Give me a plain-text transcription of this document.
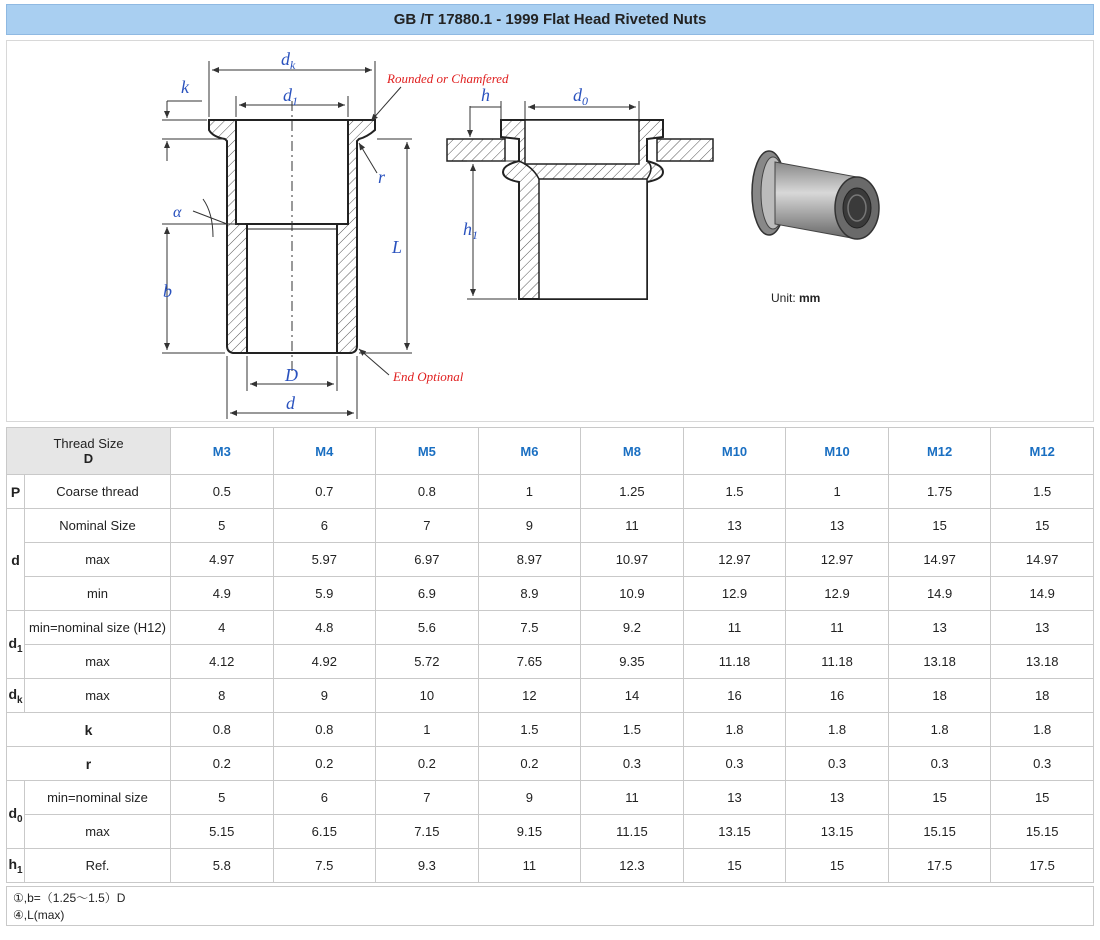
GB /T 17880.1 - 1999 Flat Head Riveted Nuts
$d_k$
$d_1$
k
α
b
r
L
D
d
Rounded or Chamfered
End Optional
h	$d_0$
$h_1$
Unit: mm
Thread Size
D		M3	M4	M5	M6	M8	M10	M10	M12	M12
P	Coarse thread	0.5	0.7	0.8	1	1.25	1.5	1	1.75	1.5
d	Nominal Size	5	6	7	9	11	13	13	15	15
	max	4.97	5.97	6.97	8.97	10.97	12.97	12.97	14.97	14.97
	min	4.9	5.9	6.9	8.9	10.9	12.9	12.9	14.9	14.9
$d_1$	min=nominal size (H12)	4	4.8	5.6	7.5	9.2	11	11	13	13
	max	4.12	4.92	5.72	7.65	9.35	11.18	11.18	13.18	13.18
$d_k$	max	8	9	10	12	14	16	16	18	18
k		0.8	0.8	1	1.5	1.5	1.8	1.8	1.8	1.8
r		0.2	0.2	0.2	0.2	0.3	0.3	0.3	0.3	0.3
$d_0$	min=nominal size	5	6	7	9	11	13	13	15	15
	max	5.15	6.15	7.15	9.15	11.15	13.15	13.15	15.15	15.15
$h_1$	Ref.	5.8	7.5	9.3	11	12.3	15	15	17.5	17.5
①,b=（1.25～1.5）D
④,L(max)
